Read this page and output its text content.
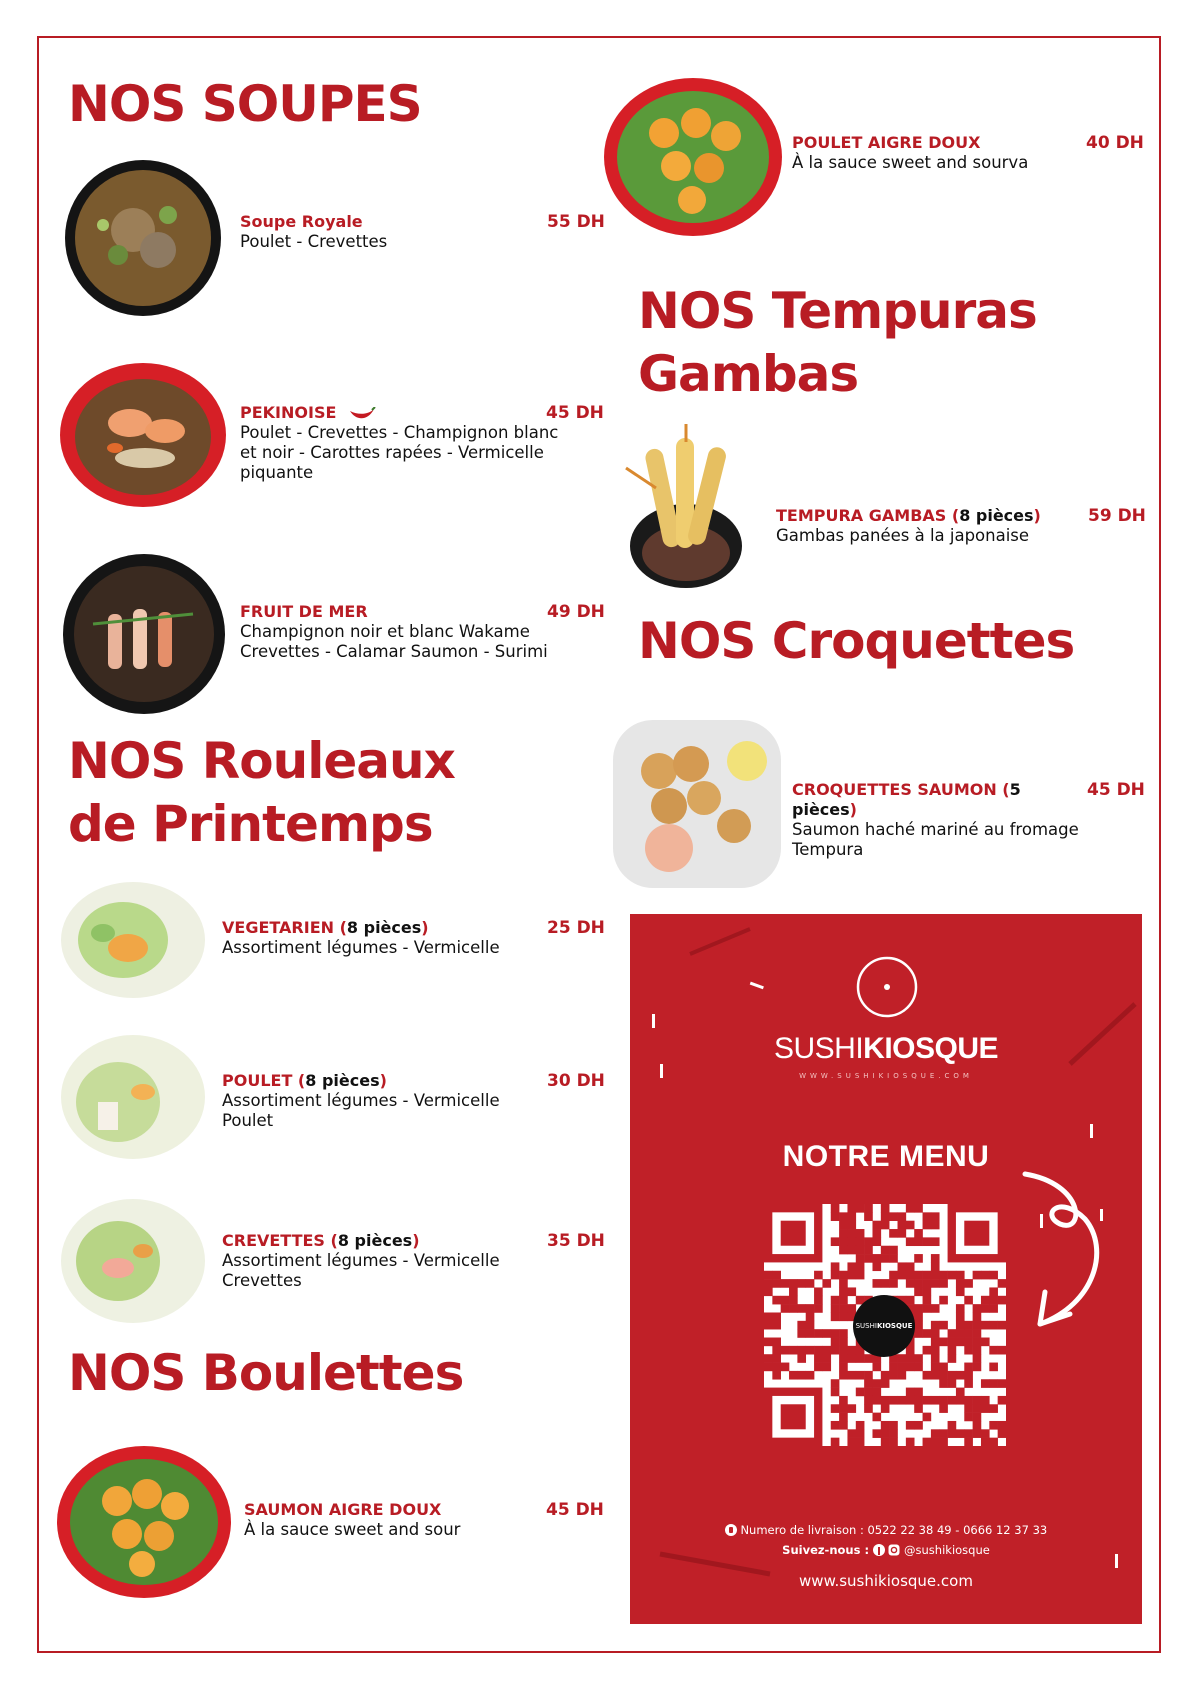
NOS SOUPES
Soupe Royale
Poulet - Crevettes
55 DH
PEKINOISE
Poulet - Crevettes - Champignon blanc et noir - Carottes rapées - Vermicelle piquante
45 DH
FRUIT DE MER
Champignon noir et blanc Wakame Crevettes - Calamar Saumon - Surimi
49 DH
NOS Rouleaux
de Printemps
VEGETARIEN (8 pièces)
Assortiment légumes - Vermicelle
25 DH
POULET (8 pièces)
Assortiment légumes - Vermicelle Poulet
30 DH
CREVETTES (8 pièces)
Assortiment légumes - Vermicelle Crevettes
35 DH
NOS Boulettes
SAUMON AIGRE DOUX
À la sauce sweet and sour
45 DH
POULET AIGRE DOUX
À la sauce sweet and sourva
40 DH
NOS Tempuras
Gambas
TEMPURA GAMBAS (8 pièces)
Gambas panées à la japonaise
59 DH
NOS Croquettes
CROQUETTES SAUMON (5 pièces)
Saumon haché mariné au fromage Tempura
45 DH
SUSHIKIOSQUE
WWW.SUSHIKIOSQUE.COM
NOTRE MENU
SUSHIKIOSQUE
Numero de livraison : 0522 22 38 49 - 0666 12 37 33
Suivez-nous :	@sushikiosque
www.sushikiosque.com
